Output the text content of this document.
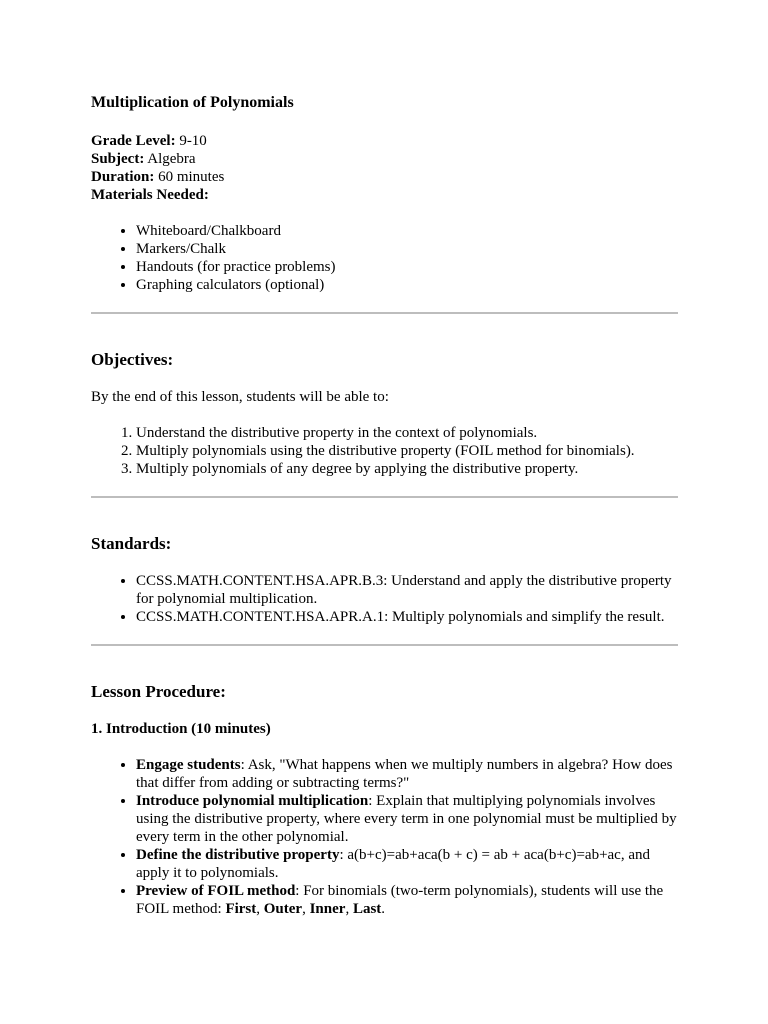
Multiplication of Polynomials

Grade Level: 9-10

Subject: Algebra

Duration: 60 minutes

Materials Needed:

• Whiteboard/Chalkboard
• Markers/Chalk
• Handouts (for practice problems)
• Graphing calculators (optional)
Objectives:

By the end of this lesson, students will be able to:

1. Understand the distributive property in the context of polynomials.
2. Multiply polynomials using the distributive property (FOIL method for binomials).
3. Multiply polynomials of any degree by applying the distributive property.
Standards:
• CCSS.MATH.CONTENT.HSA.APR.B.3: Understand and apply the distributive property for polynomial multiplication.
• CCSS.MATH.CONTENT.HSA.APR.A.1: Multiply polynomials and simplify the result.
Lesson Procedure:
1. Introduction (10 minutes)
• Engage students: Ask, "What happens when we multiply numbers in algebra? How does that differ from adding or subtracting terms?"
• Introduce polynomial multiplication: Explain that multiplying polynomials involves using the distributive property, where every term in one polynomial must be multiplied by every term in the other polynomial.
• Define the distributive property: a(b+c)=ab+aca(b + c) = ab + aca(b+c)=ab+ac, and apply it to polynomials.
• Preview of FOIL method: For binomials (two-term polynomials), students will use the FOIL method: First, Outer, Inner, Last.
